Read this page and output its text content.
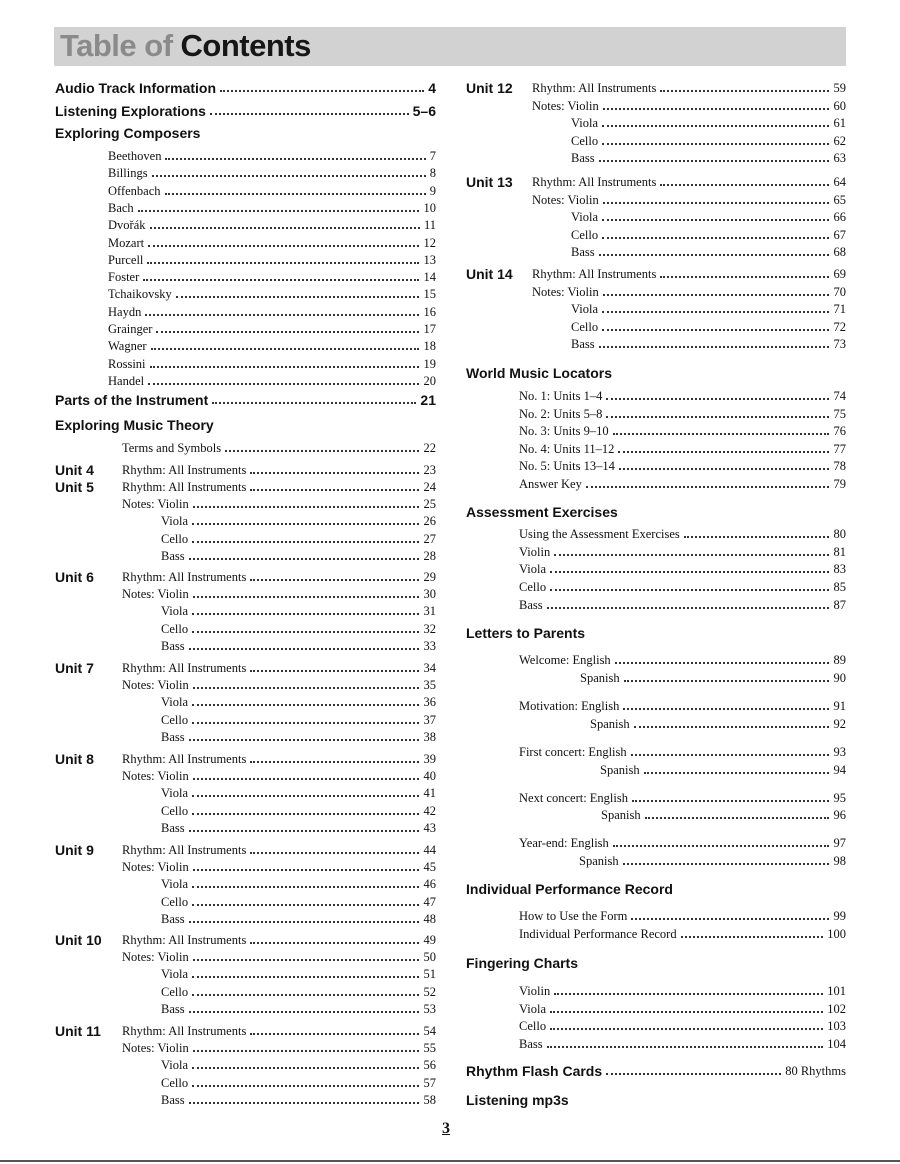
Table of Contents
Audio Track Information	4
Listening Explorations	5–6
Exploring Composers
Beethoven	7
Billings	8
Offenbach	9
Bach	10
Dvořák	11
Mozart	12
Purcell	13
Foster	14
Tchaikovsky	15
Haydn	16
Grainger	17
Wagner	18
Rossini	19
Handel	20
Parts of the Instrument	21
Exploring Music Theory
Terms and Symbols	22
Unit 4 Rhythm: All Instruments	23
Unit 5 Rhythm: All Instruments	24
Notes: Violin	25
Viola	26
Cello	27
Bass	28
Unit 6 Rhythm: All Instruments	29
Notes: Violin	30
Viola	31
Cello	32
Bass	33
Unit 7 Rhythm: All Instruments	34
Notes: Violin	35
Viola	36
Cello	37
Bass	38
Unit 8 Rhythm: All Instruments	39
Notes: Violin	40
Viola	41
Cello	42
Bass	43
Unit 9 Rhythm: All Instruments	44
Notes: Violin	45
Viola	46
Cello	47
Bass	48
Unit 10 Rhythm: All Instruments	49
Notes: Violin	50
Viola	51
Cello	52
Bass	53
Unit 11 Rhythm: All Instruments	54
Notes: Violin	55
Viola	56
Cello	57
Bass	58
Unit 12 Rhythm: All Instruments	59
Notes: Violin	60
Viola	61
Cello	62
Bass	63
Unit 13 Rhythm: All Instruments	64
Notes: Violin	65
Viola	66
Cello	67
Bass	68
Unit 14 Rhythm: All Instruments	69
Notes: Violin	70
Viola	71
Cello	72
Bass	73
World Music Locators
No. 1: Units 1–4	74
No. 2: Units 5–8	75
No. 3: Units 9–10	76
No. 4: Units 11–12	77
No. 5: Units 13–14	78
Answer Key	79
Assessment Exercises
Using the Assessment Exercises	80
Violin	81
Viola	83
Cello	85
Bass	87
Letters to Parents
Welcome: English	89
Spanish	90
Motivation: English	91
Spanish	92
First concert: English	93
Spanish	94
Next concert: English	95
Spanish	96
Year-end: English	97
Spanish	98
Individual Performance Record
How to Use the Form	99
Individual Performance Record	100
Fingering Charts
Violin	101
Viola	102
Cello	103
Bass	104
Rhythm Flash Cards	80 Rhythms
Listening mp3s
3
